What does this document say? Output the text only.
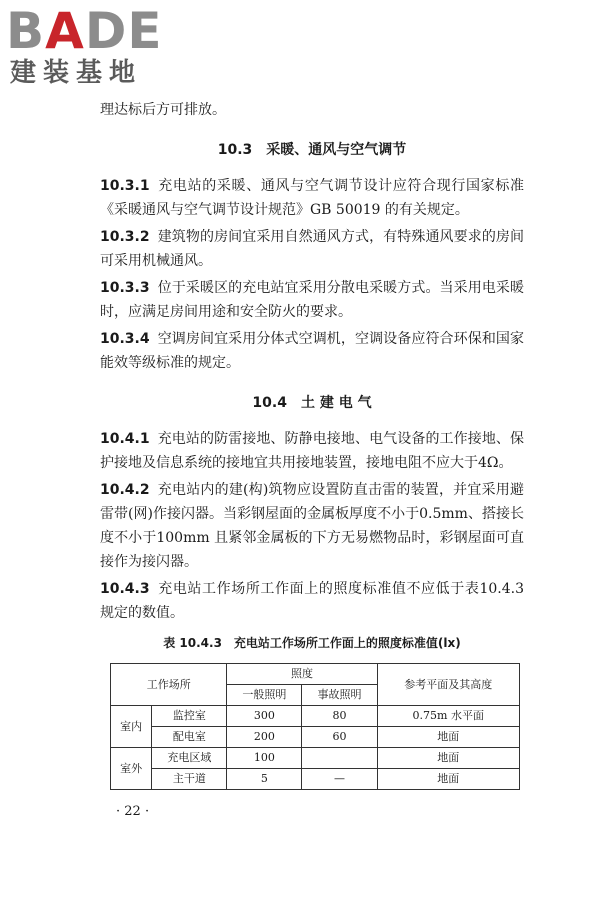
BADE
建装基地

理达标后方可排放。

10.3　采暖、通风与空气调节

10.3.1 充电站的采暖、通风与空气调节设计应符合现行国家标准《采暖通风与空气调节设计规范》GB 50019 的有关规定。

10.3.2 建筑物的房间宜采用自然通风方式，有特殊通风要求的房间可采用机械通风。

10.3.3 位于采暖区的充电站宜采用分散电采暖方式。当采用电采暖时，应满足房间用途和安全防火的要求。

10.3.4 空调房间宜采用分体式空调机，空调设备应符合环保和国家能效等级标准的规定。

10.4　土 建 电 气

10.4.1 充电站的防雷接地、防静电接地、电气设备的工作接地、保护接地及信息系统的接地宜共用接地装置，接地电阻不应大于4Ω。

10.4.2 充电站内的建(构)筑物应设置防直击雷的装置，并宜采用避雷带(网)作接闪器。当彩钢屋面的金属板厚度不小于0.5mm、搭接长度不小于100mm 且紧邻金属板的下方无易燃物品时，彩钢屋面可直接作为接闪器。

10.4.3 充电站工作场所工作面上的照度标准值不应低于表10.4.3规定的数值。

表 10.4.3　充电站工作场所工作面上的照度标准值(lx)
工作场所		照度		参考平面及其高度
		一般照明	事故照明	
室内	监控室	300	80	0.75m 水平面
	配电室	200	60	地面
室外	充电区域	100		地面
	主干道	5	—	地面
· 22 ·
